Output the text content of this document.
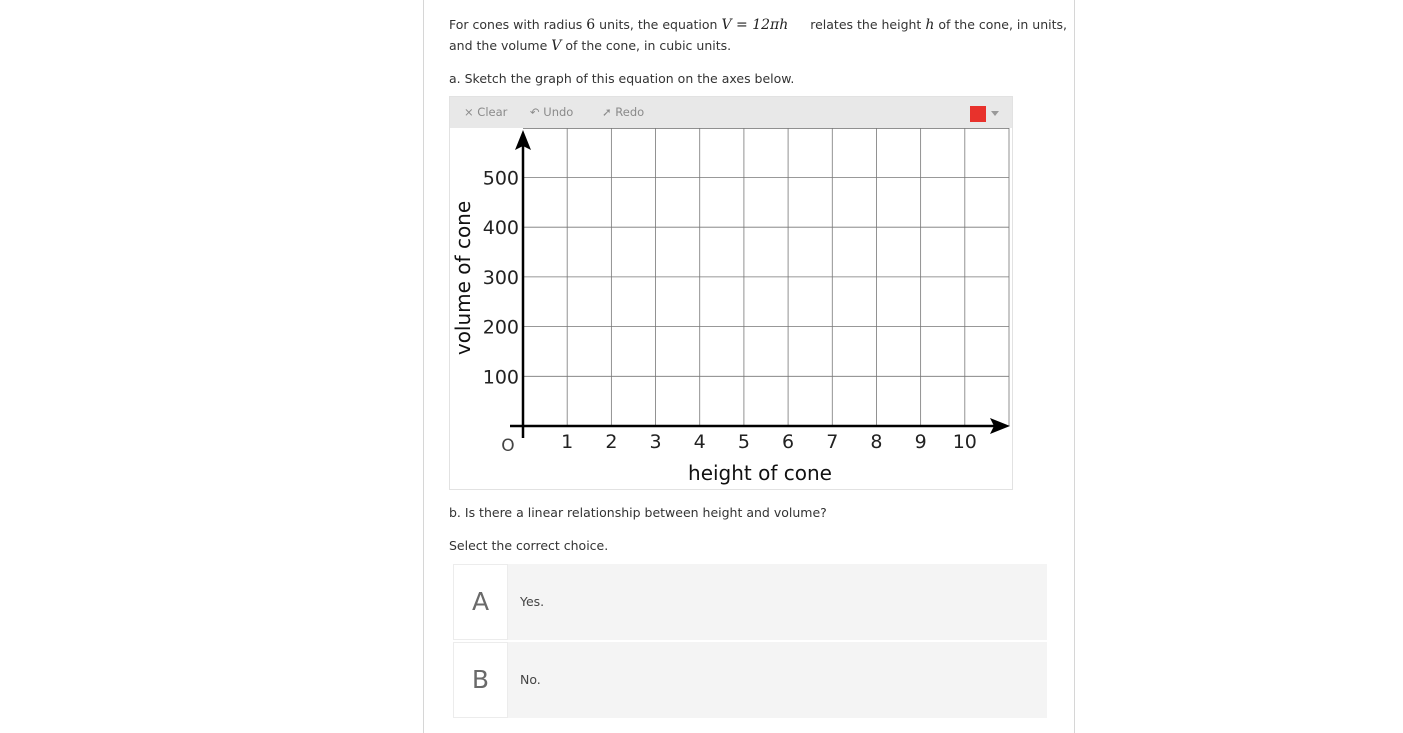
For cones with radius 6 units, the equation V = 12πh relates the height h of the cone, in units,
and the volume V of the cone, in cubic units.
a. Sketch the graph of this equation on the axes below.
× Clear ↶ Undo ➚ Redo
1 2 3 4 5 6 7 8 9 10
100
200
300
400
500
O
height of cone
volume of cone
b. Is there a linear relationship between height and volume?
Select the correct choice.
A	Yes.
B	No.
